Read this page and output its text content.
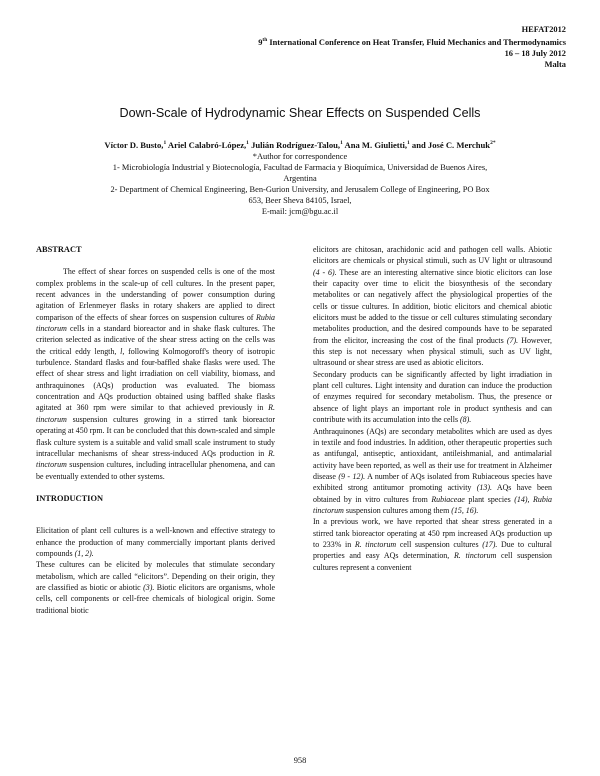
HEFAT2012
9th International Conference on Heat Transfer, Fluid Mechanics and Thermodynamics
16 – 18 July 2012
Malta
Down-Scale of Hydrodynamic Shear Effects on Suspended Cells
Víctor D. Busto,$^1$ Ariel Calabró-López,$^1$ Julián Rodríguez-Talou,$^1$ Ana M. Giulietti,$^1$ and José C. Merchuk$^{2*}$
*Author for correspondence
1- Microbiología Industrial y Biotecnología, Facultad de Farmacia y Bioquímica, Universidad de Buenos Aires,
Argentina
2- Department of Chemical Engineering, Ben-Gurion University, and Jerusalem College of Engineering, PO Box
653, Beer Sheva 84105, Israel,
E-mail: jcm@bgu.ac.il
ABSTRACT

The effect of shear forces on suspended cells is one of the most complex problems in the scale-up of cell cultures. In the present paper, recent advances in the understanding of power consumption during agitation of Erlenmeyer flasks in rotary shakers are applied to direct comparison of the effects of shear forces on suspension cultures of Rubia tinctorum cells in a standard bioreactor and in shake flask cultures. The criterion selected as indicative of the shear stress acting on the cells was the critical eddy length, l, following Kolmogoroff's theory of isotropic turbulence. Standard flasks and four-baffled shake flasks were used. The effect of shear stress and light irradiation on cell viability, biomass, and anthraquinones (AQs) production was evaluated. The biomass concentration and AQs production obtained using baffled shake flasks agitated at 360 rpm were similar to that achieved previously in R. tinctorum suspension cultures growing in a stirred tank bioreactor operating at 450 rpm. It can be concluded that this down-scaled and simple flask culture system is a suitable and valid small scale instrument to study intracellular mechanisms of shear stress-induced AQs production in R. tinctorum suspension cultures, including intracellular phenomena, and can be eventually extended to other systems.

INTRODUCTION

Elicitation of plant cell cultures is a well-known and effective strategy to enhance the production of many commercially important plants derived compounds (1, 2).

These cultures can be elicited by molecules that stimulate secondary metabolism, which are called “elicitors”. Depending on their origin, they are classified as biotic or abiotic (3). Biotic elicitors are organisms, whole cells, cell components or cell-free chemicals of biological origin. Some traditional biotic

elicitors are chitosan, arachidonic acid and pathogen cell walls. Abiotic elicitors are chemicals or physical stimuli, such as UV light or ultrasound (4 - 6). These are an interesting alternative since biotic elicitors can lose their capacity over time to elicit the biosynthesis of the secondary metabolites or can negatively affect the physiological properties of the cells or tissue cultures. In addition, biotic elicitors and chemical abiotic elicitors must be added to the tissue or cell cultures stimulating secondary metabolites production, and the desired compounds have to be separated from the elicitor, increasing the cost of the final products (7). However, this step is not necessary when physical stimuli, such as UV light, ultrasound or shear stress are used as abiotic elicitors.

Secondary products can be significantly affected by light irradiation in plant cell cultures. Light intensity and duration can induce the production of enzymes required for secondary metabolism. Thus, the presence or absence of light plays an important role in product synthesis and can contribute with its accumulation into the cells (8).

Anthraquinones (AQs) are secondary metabolites which are used as dyes in textile and food industries. In addition, other therapeutic properties such as antifungal, antiseptic, antioxidant, antileishmanial, and antimalarial activity have been reported, as well as their use for treatment in Alzheimer disease (9 - 12). A number of AQs isolated from Rubiaceous species have exhibited strong antitumor promoting activity (13). AQs have been obtained by in vitro cultures from Rubiaceae plant species (14), Rubia tinctorum suspension cultures among them (15, 16).

In a previous work, we have reported that shear stress generated in a stirred tank bioreactor operating at 450 rpm increased AQs production up to 233% in R. tinctorum cell suspension cultures (17). Due to cultural properties and easy AQs determination, R. tinctorum cell suspension cultures represent a convenient

958
